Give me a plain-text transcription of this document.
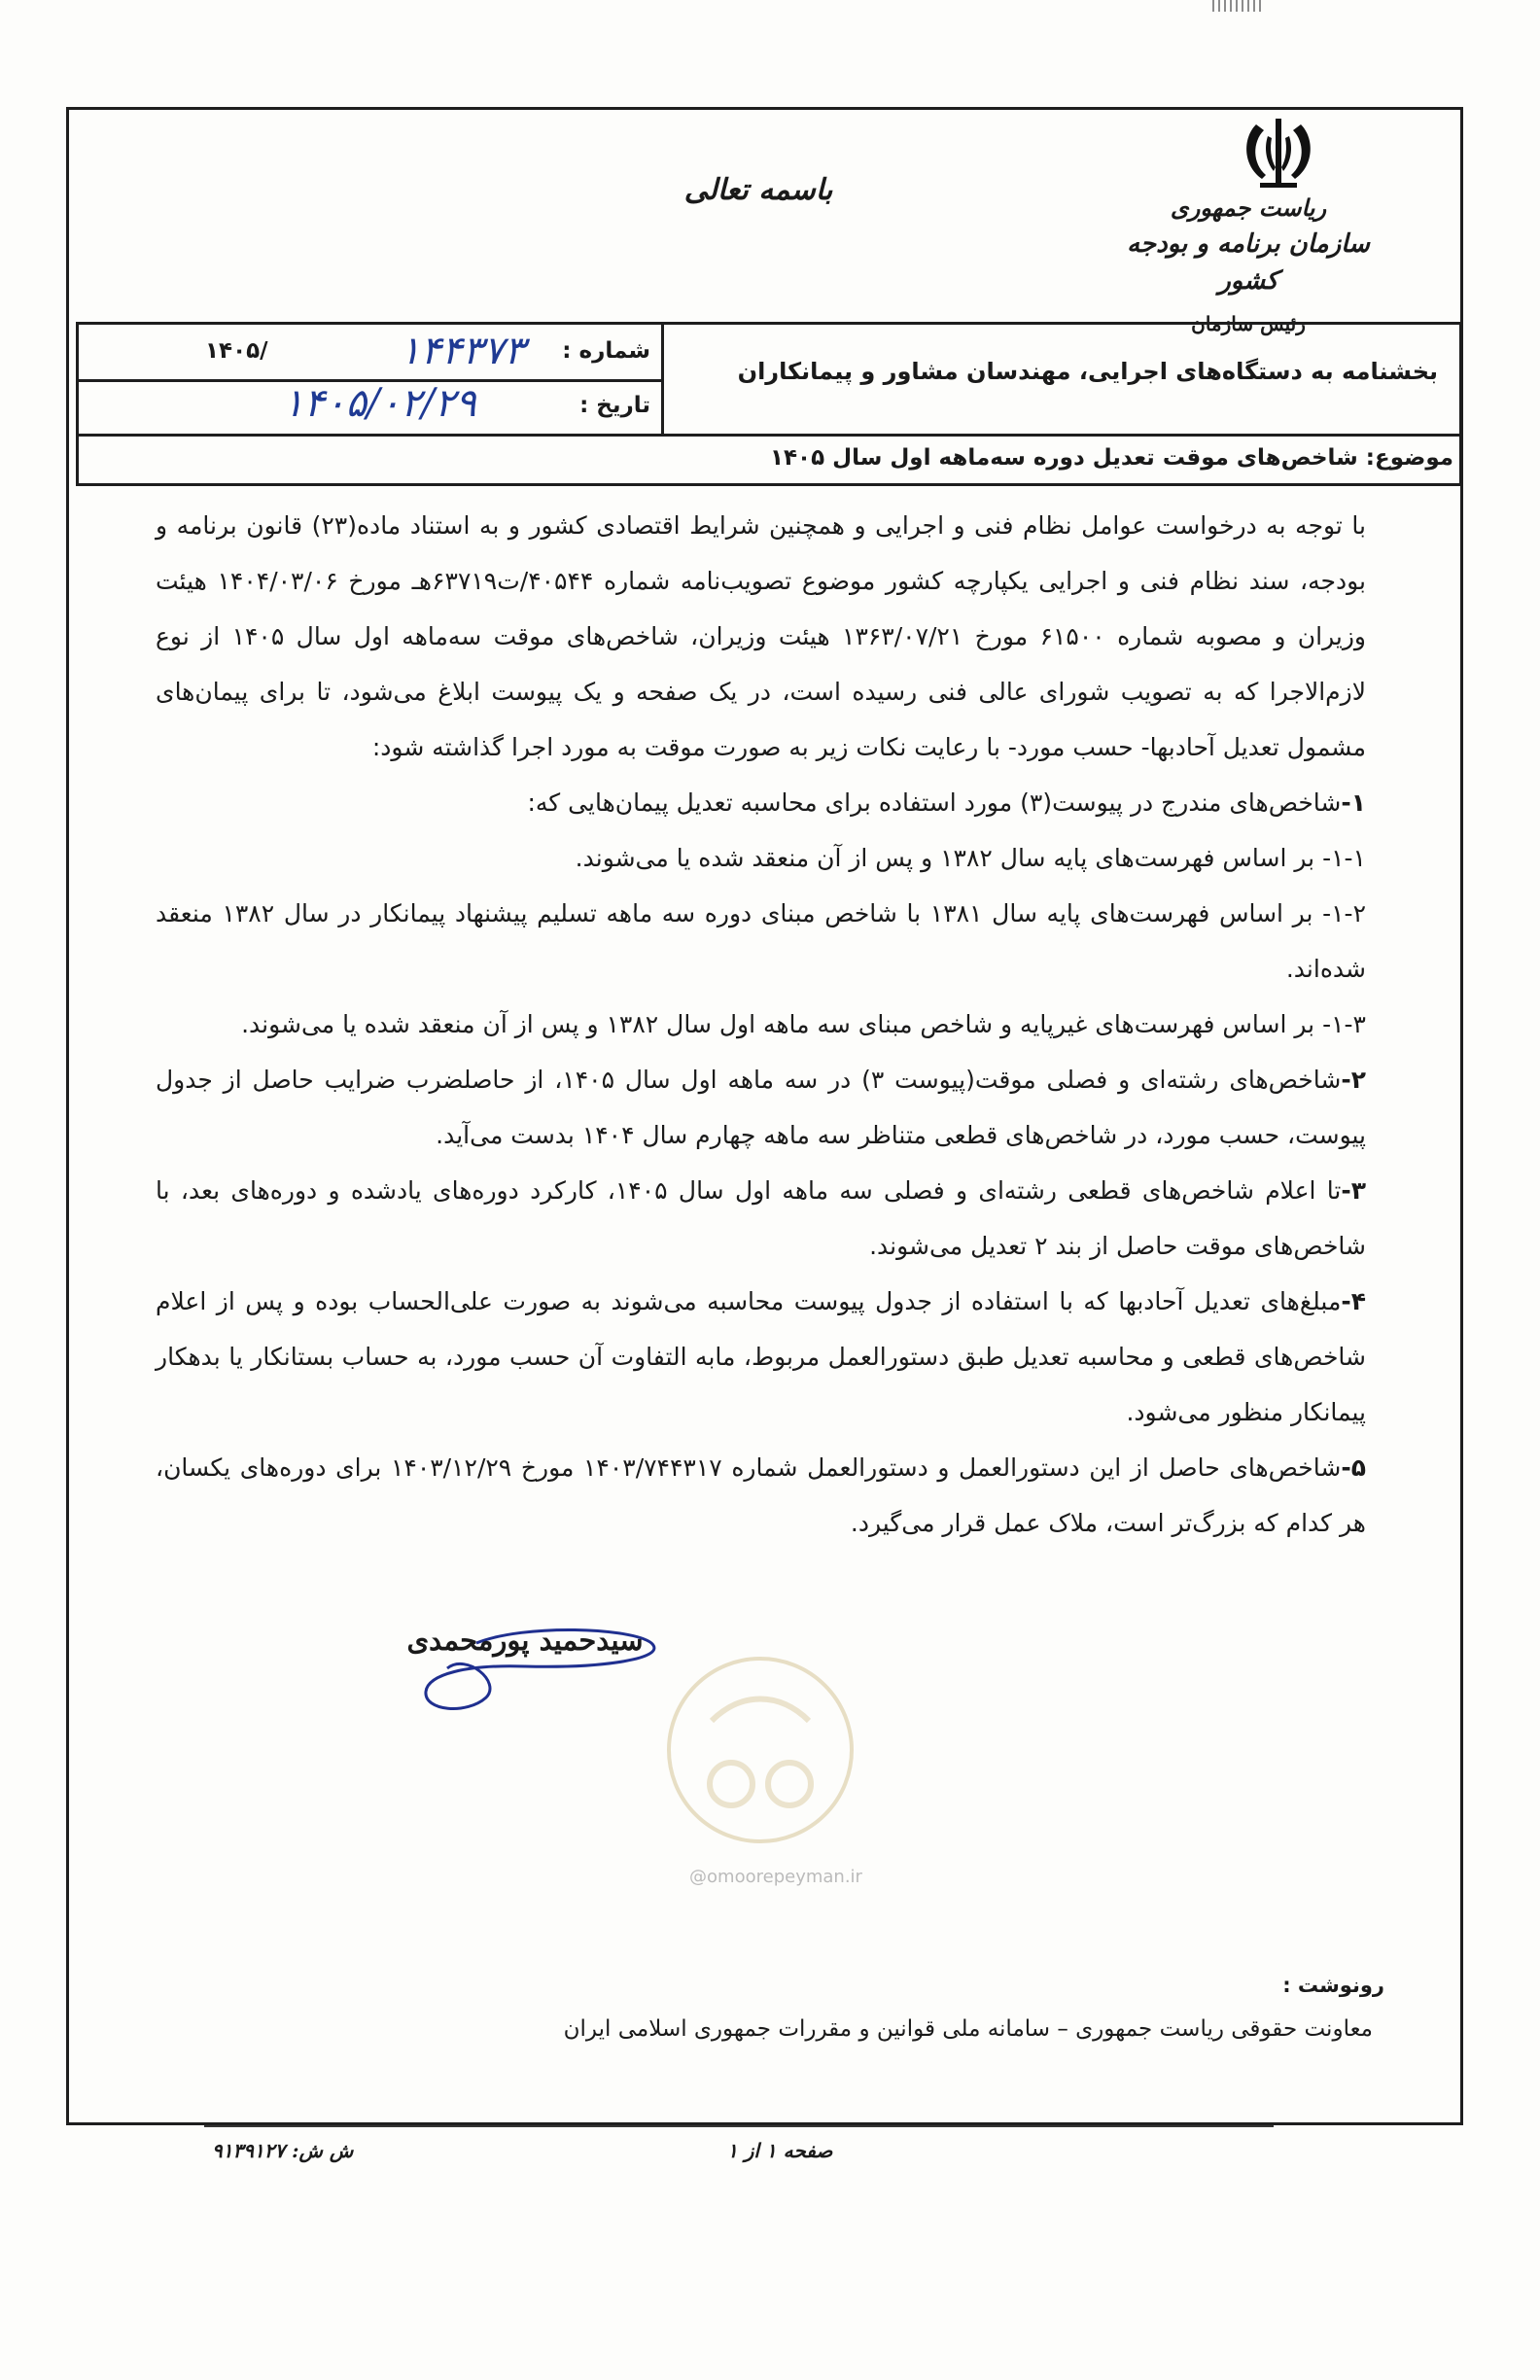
باسمه تعالی
ریاست جمهوری
سازمان برنامه و بودجه کشور
رئیس سازمان
بخشنامه به دستگاه‌های اجرایی، مهندسان مشاور و پیمانکاران
شماره :
۱۴۴۳۷۳
۱۴۰۵/
تاریخ :
۱۴۰۵/۰۲/۲۹
موضوع: شاخص‌های موقت تعدیل دوره سه‌ماهه اول سال ۱۴۰۵

با توجه به درخواست عوامل نظام فنی و اجرایی و همچنین شرایط اقتصادی کشور و به استناد ماده(۲۳) قانون برنامه و بودجه، سند نظام فنی و اجرایی یکپارچه کشور موضوع تصویب‌نامه شماره ۴۰۵۴۴/ت۶۳۷۱۹هـ مورخ ۱۴۰۴/۰۳/۰۶ هیئت وزیران و مصوبه شماره ۶۱۵۰۰ مورخ ۱۳۶۳/۰۷/۲۱ هیئت وزیران، شاخص‌های موقت سه‌ماهه اول سال ۱۴۰۵ از نوع لازم‌الاجرا که به تصویب شورای عالی فنی رسیده است، در یک صفحه و یک پیوست ابلاغ می‌شود، تا برای پیمان‌های مشمول تعدیل آحادبها- حسب مورد- با رعایت نکات زیر به صورت موقت به مورد اجرا گذاشته شود:

۱-شاخص‌های مندرج در پیوست(۳) مورد استفاده برای محاسبه تعدیل پیمان‌هایی که:

۱-۱- بر اساس فهرست‌های پایه سال ۱۳۸۲ و پس از آن منعقد شده یا می‌شوند.

۱-۲- بر اساس فهرست‌های پایه سال ۱۳۸۱ با شاخص مبنای دوره سه ماهه تسلیم پیشنهاد پیمانکار در سال ۱۳۸۲ منعقد شده‌اند.

۱-۳- بر اساس فهرست‌های غیرپایه و شاخص مبنای سه ماهه اول سال ۱۳۸۲ و پس از آن منعقد شده یا می‌شوند.

۲-شاخص‌های رشته‌ای و فصلی موقت(پیوست ۳) در سه ماهه اول سال ۱۴۰۵، از حاصلضرب ضرایب حاصل از جدول پیوست، حسب مورد، در شاخص‌های قطعی متناظر سه ماهه چهارم سال ۱۴۰۴ بدست می‌آید.

۳-تا اعلام شاخص‌های قطعی رشته‌ای و فصلی سه ماهه اول سال ۱۴۰۵، کارکرد دوره‌های یادشده و دوره‌های بعد، با شاخص‌های موقت حاصل از بند ۲ تعدیل می‌شوند.

۴-مبلغ‌های تعدیل آحادبها که با استفاده از جدول پیوست محاسبه می‌شوند به صورت علی‌الحساب بوده و پس از اعلام شاخص‌های قطعی و محاسبه تعدیل طبق دستورالعمل مربوط، مابه التفاوت آن حسب مورد، به حساب بستانکار یا بدهکار پیمانکار منظور می‌شود.

۵-شاخص‌های حاصل از این دستورالعمل و دستورالعمل شماره ۱۴۰۳/۷۴۴۳۱۷ مورخ ۱۴۰۳/۱۲/۲۹ برای دوره‌های یکسان، هر کدام که بزرگ‌تر است، ملاک عمل قرار می‌گیرد.

سیدحمید پورمحمدی
@omoorepeyman.ir
رونوشت :
معاونت حقوقی ریاست جمهوری – سامانه ملی قوانین و مقررات جمهوری اسلامی ایران
صفحه ۱ از ۱
ش ش: ۹۱۳۹۱۲۷
